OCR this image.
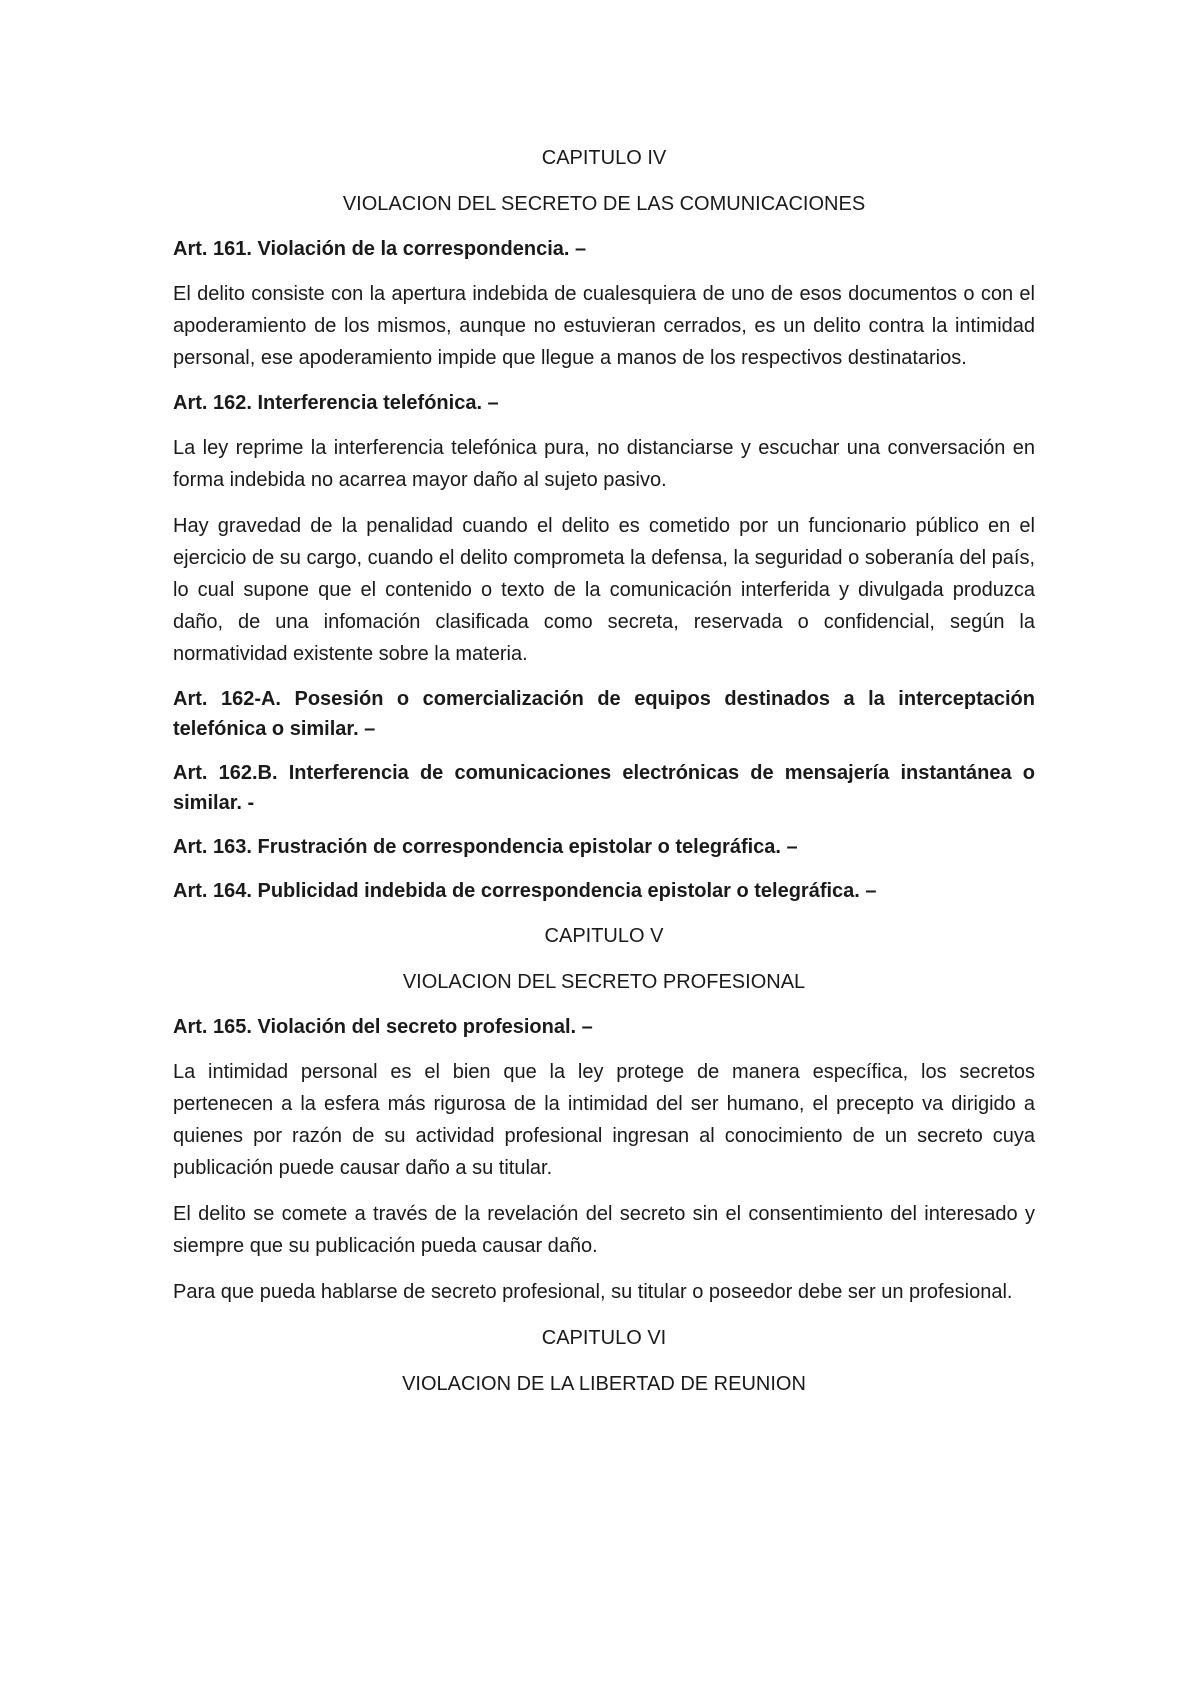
CAPITULO IV

VIOLACION DEL SECRETO DE LAS COMUNICACIONES

Art. 161. Violación de la correspondencia. –

El delito consiste con la apertura indebida de cualesquiera de uno de esos documentos o con el apoderamiento de los mismos, aunque no estuvieran cerrados, es un delito contra la intimidad personal, ese apoderamiento impide que llegue a manos de los respectivos destinatarios.

Art. 162. Interferencia telefónica. –

La ley reprime la interferencia telefónica pura, no distanciarse y escuchar una conversación en forma indebida no acarrea mayor daño al sujeto pasivo.

Hay gravedad de la penalidad cuando el delito es cometido por un funcionario público en el ejercicio de su cargo, cuando el delito comprometa la defensa, la seguridad o soberanía del país, lo cual supone que el contenido o texto de la comunicación interferida y divulgada produzca daño, de una infomación clasificada como secreta, reservada o confidencial, según la normatividad existente sobre la materia.

Art. 162-A. Posesión o comercialización de equipos destinados a la interceptación telefónica o similar. –

Art. 162.B. Interferencia de comunicaciones electrónicas de mensajería instantánea o similar. -

Art. 163. Frustración de correspondencia epistolar o telegráfica. –

Art. 164. Publicidad indebida de correspondencia epistolar o telegráfica. –

CAPITULO V

VIOLACION DEL SECRETO PROFESIONAL

Art. 165. Violación del secreto profesional. –

La intimidad personal es el bien que la ley protege de manera específica, los secretos pertenecen a la esfera más rigurosa de la intimidad del ser humano, el precepto va dirigido a quienes por razón de su actividad profesional ingresan al conocimiento de un secreto cuya publicación puede causar daño a su titular.

El delito se comete a través de la revelación del secreto sin el consentimiento del interesado y siempre que su publicación pueda causar daño.

Para que pueda hablarse de secreto profesional, su titular o poseedor debe ser un profesional.

CAPITULO VI

VIOLACION DE LA LIBERTAD DE REUNION
